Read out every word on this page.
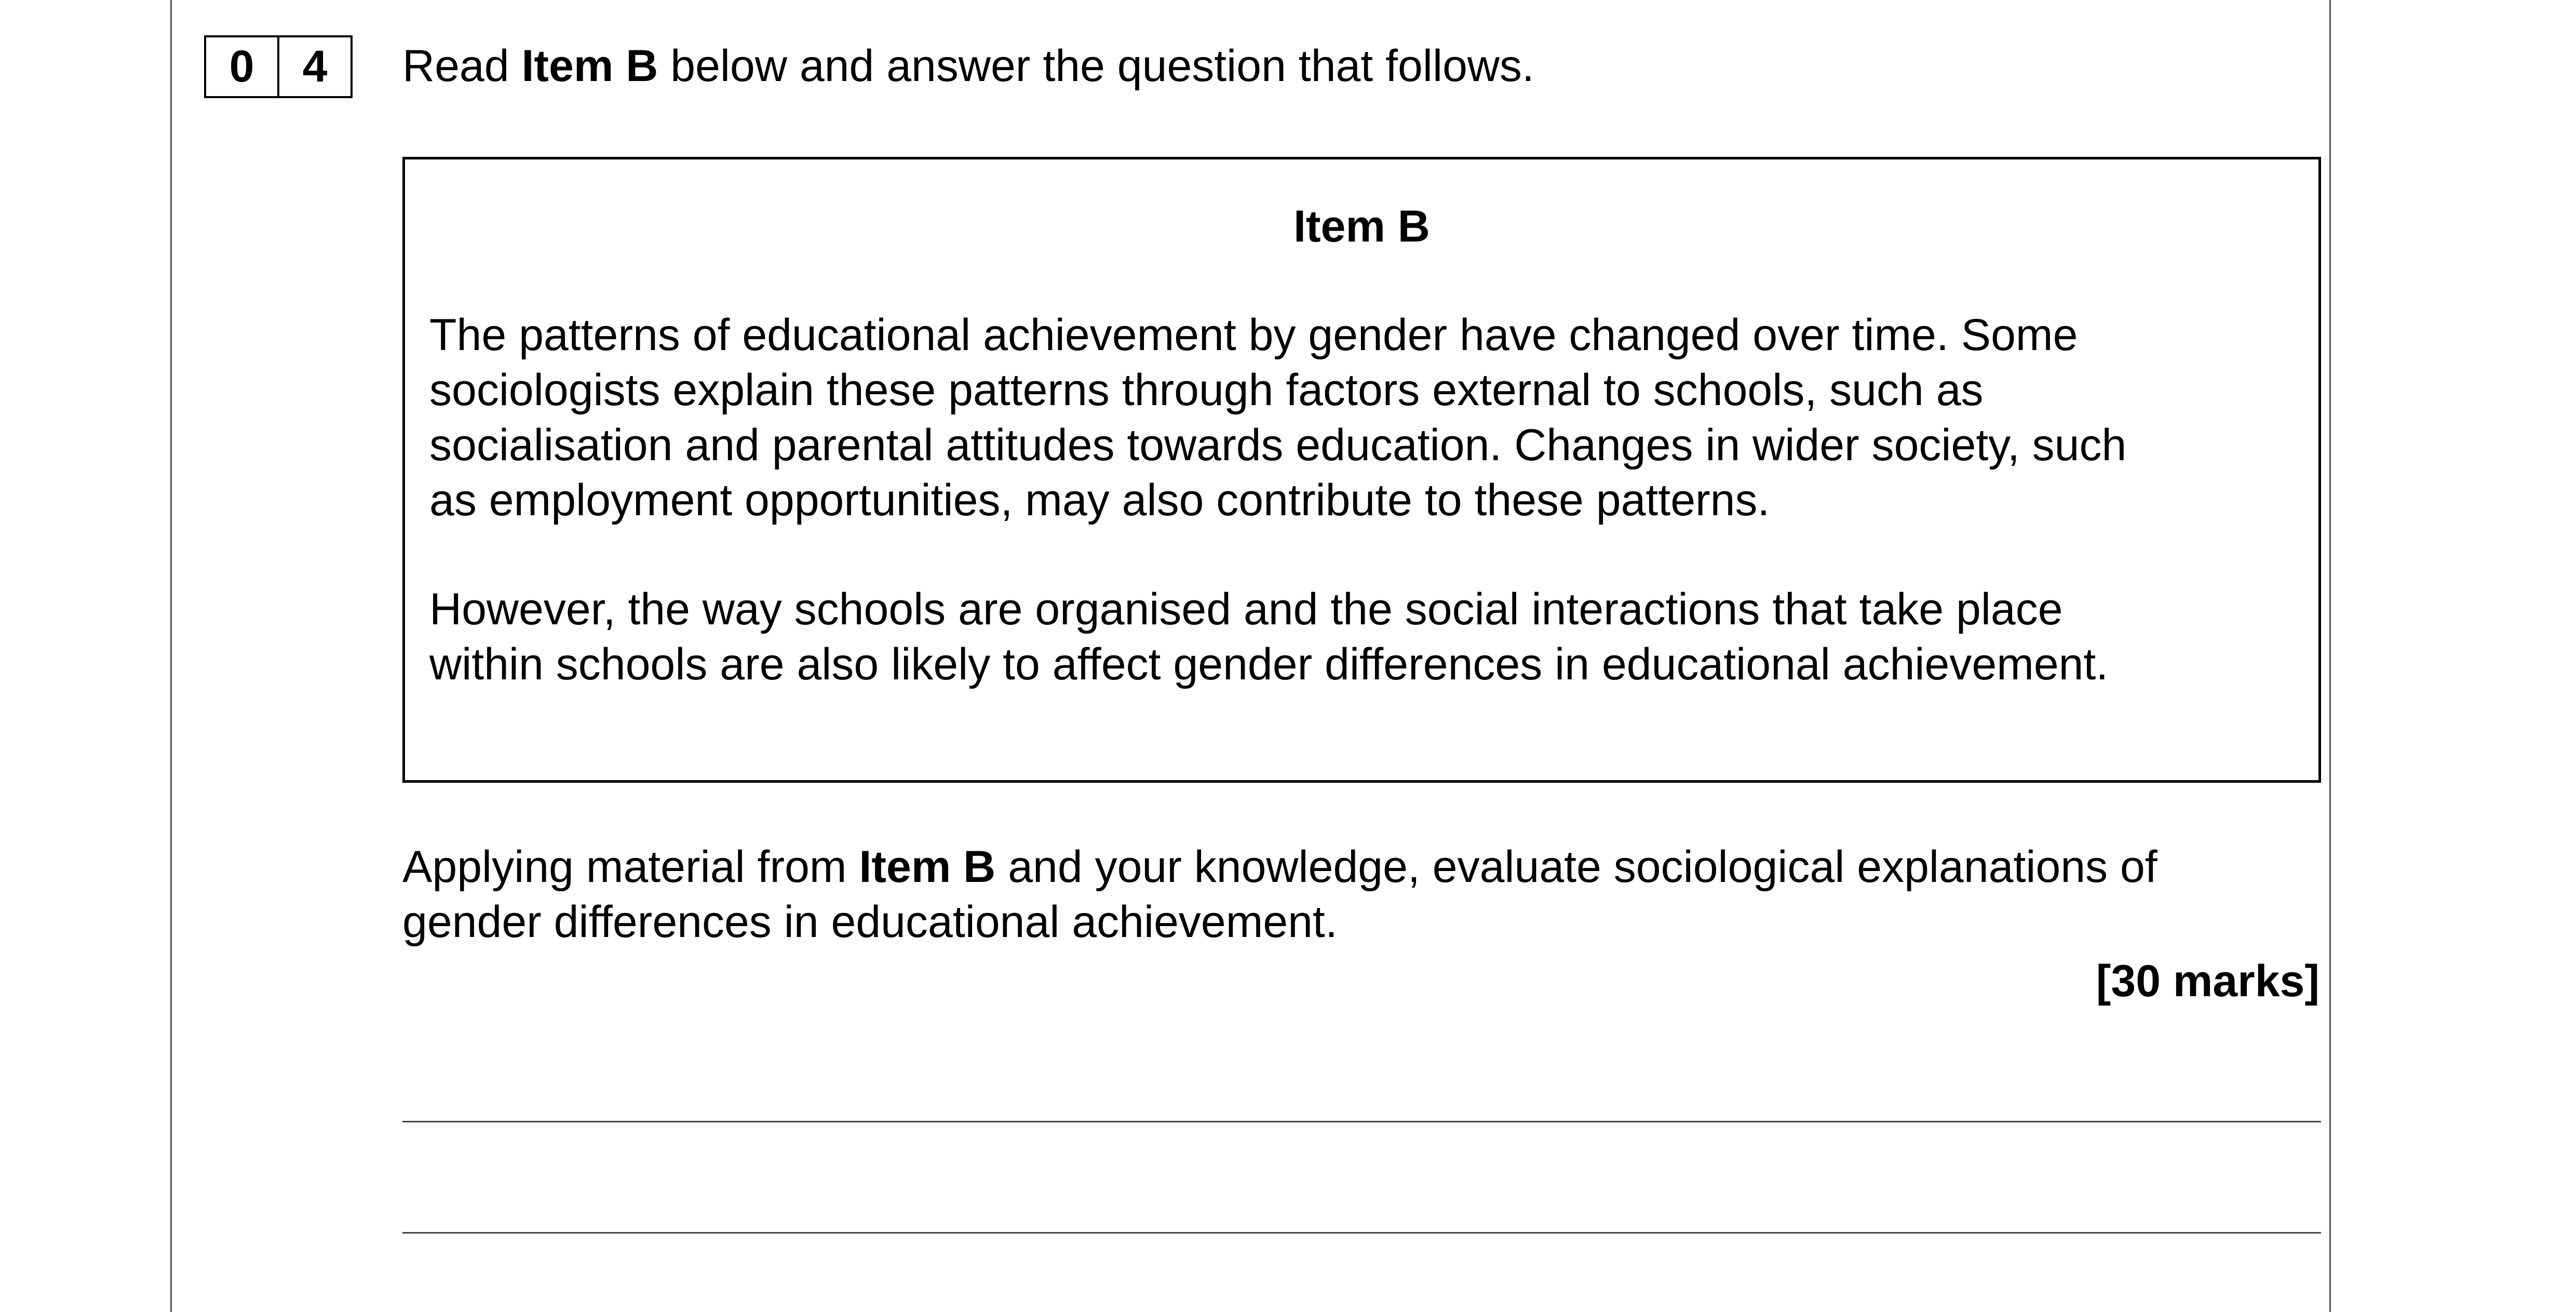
0	4	Read Item B below and answer the question that follows.
Item B
The patterns of educational achievement by gender have changed over time. Some
sociologists explain these patterns through factors external to schools, such as
socialisation and parental attitudes towards education. Changes in wider society, such
as employment opportunities, may also contribute to these patterns.
However, the way schools are organised and the social interactions that take place
within schools are also likely to affect gender differences in educational achievement.
Applying material from Item B and your knowledge, evaluate sociological explanations of
gender differences in educational achievement.
[30 marks]
